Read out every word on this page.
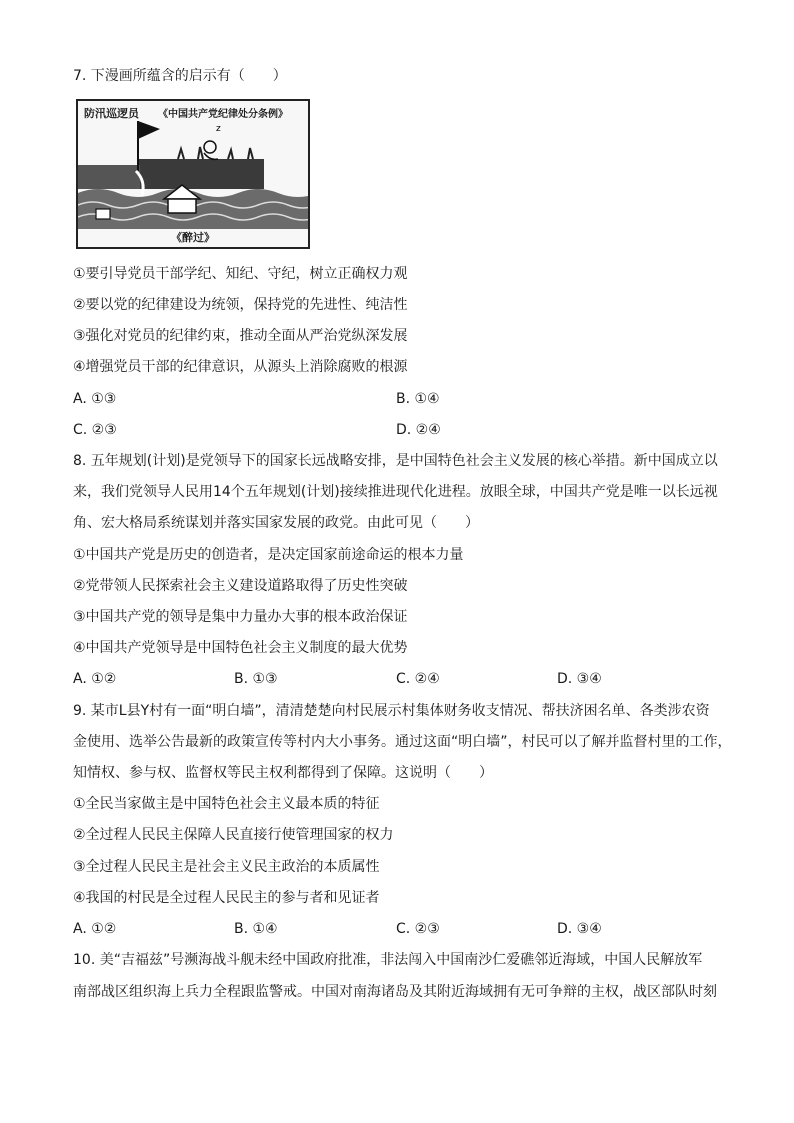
7. 下漫画所蕴含的启示有（　　）
z
防汛巡逻员 《中国共产党纪律处分条例》
《醉过》
①要引导党员干部学纪、知纪、守纪，树立正确权力观
②要以党的纪律建设为统领，保持党的先进性、纯洁性
③强化对党员的纪律约束，推动全面从严治党纵深发展
④增强党员干部的纪律意识，从源头上消除腐败的根源
A. ①③	B. ①④
C. ②③	D. ②④
8. 五年规划(计划)是党领导下的国家长远战略安排，是中国特色社会主义发展的核心举措。新中国成立以
来，我们党领导人民用14个五年规划(计划)接续推进现代化进程。放眼全球，中国共产党是唯一以长远视
角、宏大格局系统谋划并落实国家发展的政党。由此可见（　　）
①中国共产党是历史的创造者，是决定国家前途命运的根本力量
②党带领人民探索社会主义建设道路取得了历史性突破
③中国共产党的领导是集中力量办大事的根本政治保证
④中国共产党领导是中国特色社会主义制度的最大优势
A. ①②	B. ①③	C. ②④	D. ③④
9. 某市L县Y村有一面“明白墙”，清清楚楚向村民展示村集体财务收支情况、帮扶济困名单、各类涉农资
金使用、选举公告最新的政策宣传等村内大小事务。通过这面“明白墙”，村民可以了解并监督村里的工作，
知情权、参与权、监督权等民主权利都得到了保障。这说明（　　）
①全民当家做主是中国特色社会主义最本质的特征
②全过程人民民主保障人民直接行使管理国家的权力
③全过程人民民主是社会主义民主政治的本质属性
④我国的村民是全过程人民民主的参与者和见证者
A. ①②	B. ①④	C. ②③	D. ③④
10. 美“吉福兹”号濒海战斗舰未经中国政府批准，非法闯入中国南沙仁爱礁邻近海域，中国人民解放军
南部战区组织海上兵力全程跟监警戒。中国对南海诸岛及其附近海域拥有无可争辩的主权，战区部队时刻
